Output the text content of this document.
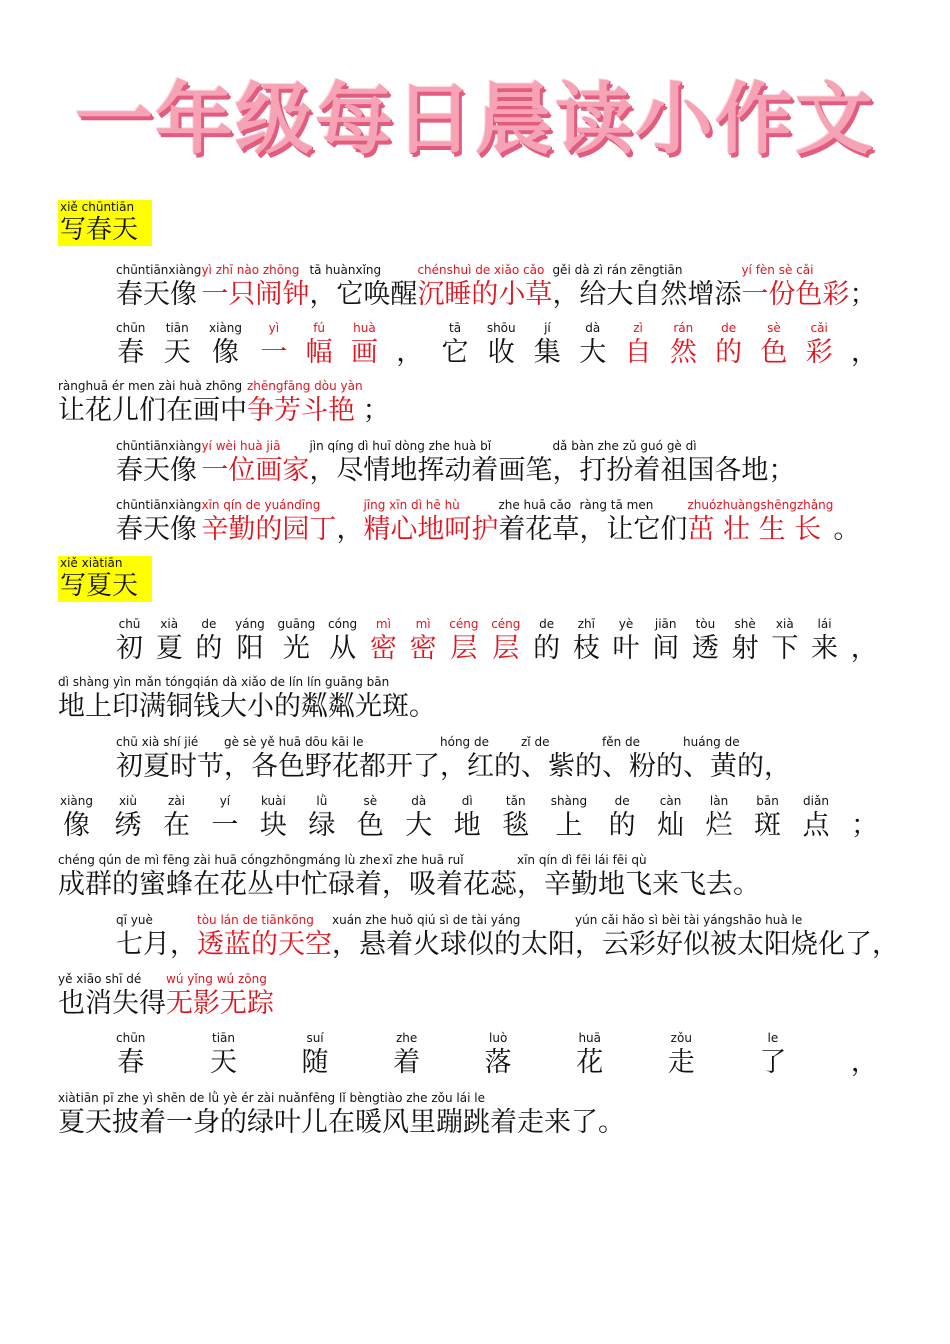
一年级每日晨读小作文
xiě chūntiān
写春天
xiě xiàtiān
写夏天
chūntiānxiàng
春天像
yì zhī nào zhōng
一只闹钟
tā huànxǐng
，它唤醒
chénshuì de xiǎo cǎo
沉睡的小草
gěi dà zì rán zēngtiān
，给大自然增添
yí fèn sè cǎi
一份色彩 ；
chūn
春
tiān
天
xiàng
像
yì
一
fú
幅
huà
画 ，
tā
它
shōu
收
jí
集
dà
大
zì
自
rán
然
de
的
sè
色
cǎi
彩 ，
rànghuā ér men zài huà zhōng
让花儿们在画中
zhēngfāng dòu yàn
争芳斗艳 ；
chūntiānxiàng
春天像
yí wèi huà jiā
一位画家
jìn qíng dì huī dòng zhe huà bǐ
，尽情地挥动着画笔
dǎ bàn zhe zǔ guó gè dì
，打扮着祖国各地；
chūntiānxiàng
春天像
xīn qín de yuándīng
辛勤的园丁 ，
jīng xīn dì hē hù
精心地呵护
zhe huā cǎo
着花草
ràng tā men
，让它们
zhuózhuàngshēngzhǎng
茁 壮 生 长 。
chū
初
xià
夏
de
的
yáng
阳
guāng
光
cóng
从
mì
密
mì
密
céng
层
céng
层
de
的
zhī
枝
yè
叶
jiān
间
tòu
透
shè
射
xià
下
lái
来 ，
dì shàng yìn mǎn tóngqián dà xiǎo de lín lín guāng bān
地上印满铜钱大小的粼粼光斑。
chū xià shí jié
初夏时节
gè sè yě huā dōu kāi le
，各色野花都开了
hóng de
，红的
zǐ de
、紫的
fěn de
、粉的
huáng de
、黄的，
xiàng
像
xiù
绣
zài
在
yí
一
kuài
块
lǜ
绿
sè
色
dà
大
dì
地
tǎn
毯
shàng
上
de
的
càn
灿
làn
烂
bān
斑
diǎn
点 ；
chéng qún de mì fēng zài huā cóngzhōngmáng lù zhe
成群的蜜蜂在花丛中忙碌着
xī zhe huā ruǐ
，吸着花蕊
xīn qín dì fēi lái fēi qù
，辛勤地飞来飞去。
qī yuè
七月，
tòu lán de tiānkōng
透蓝的天空
xuán zhe huǒ qiú sì de tài yáng
，悬着火球似的太阳
yún cǎi hǎo sì bèi tài yángshāo huà le
，云彩好似被太阳烧化了，
yě xiāo shī dé
也消失得
wú yǐng wú zōng
无影无踪
chūn
春
tiān
天
suí
随
zhe
着
luò
落
huā
花
zǒu
走
le
了 ，
xiàtiān pī zhe yì shēn de lǜ yè ér zài nuǎnfēng lǐ bèngtiào zhe zǒu lái le
夏天披着一身的绿叶儿在暖风里蹦跳着走来了。
